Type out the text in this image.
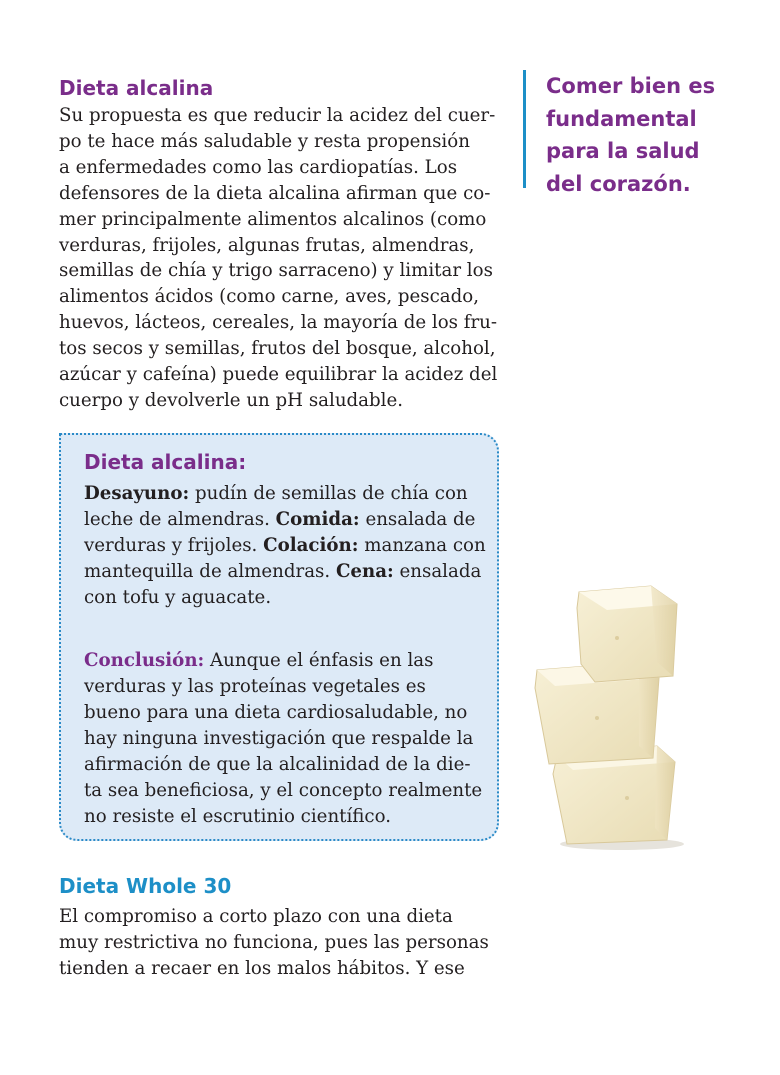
Dieta alcalina

Su propuesta es que reducir la acidez del cuer-
po te hace más saludable y resta propensión
a enfermedades como las cardiopatías. Los
defensores de la dieta alcalina afirman que co-
mer principalmente alimentos alcalinos (como
verduras, frijoles, algunas frutas, almendras,
semillas de chía y trigo sarraceno) y limitar los
alimentos ácidos (como carne, aves, pescado,
huevos, lácteos, cereales, la mayoría de los fru-
tos secos y semillas, frutos del bosque, alcohol,
azúcar y cafeína) puede equilibrar la acidez del
cuerpo y devolverle un pH saludable.

Comer bien es
fundamental
para la salud
del corazón.

Dieta alcalina:

Desayuno: pudín de semillas de chía con
leche de almendras. Comida: ensalada de
verduras y frijoles. Colación: manzana con
mantequilla de almendras. Cena: ensalada
con tofu y aguacate.

Conclusión: Aunque el énfasis en las
verduras y las proteínas vegetales es
bueno para una dieta cardiosaludable, no
hay ninguna investigación que respalde la
afirmación de que la alcalinidad de la die-
ta sea beneficiosa, y el concepto realmente
no resiste el escrutinio científico.

Dieta Whole 30

El compromiso a corto plazo con una dieta
muy restrictiva no funciona, pues las personas
tienden a recaer en los malos hábitos. Y ese
